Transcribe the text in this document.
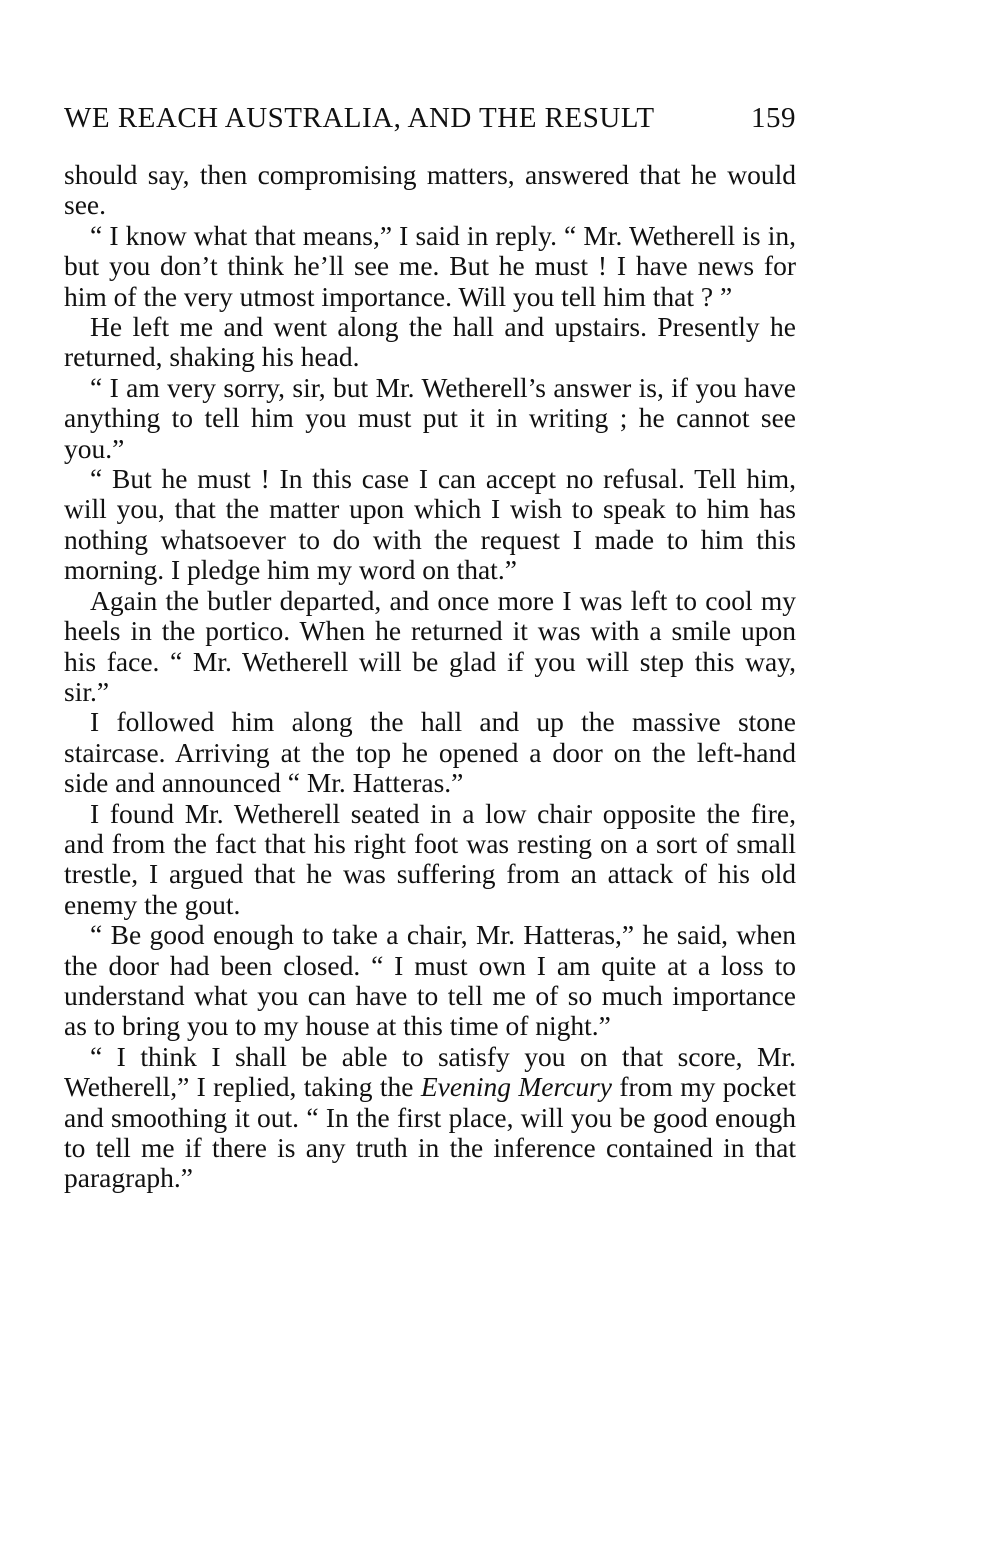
WE REACH AUSTRALIA, AND THE RESULT	159

should say, then compromising matters, answered that he would see.

“ I know what that means,” I said in reply. “ Mr. Wetherell is in, but you don’t think he’ll see me. But he must ! I have news for him of the very utmost importance. Will you tell him that ? ”

He left me and went along the hall and upstairs. Presently he returned, shaking his head.

“ I am very sorry, sir, but Mr. Wetherell’s answer is, if you have anything to tell him you must put it in writing ; he cannot see you.”

“ But he must ! In this case I can accept no refusal. Tell him, will you, that the matter upon which I wish to speak to him has nothing whatsoever to do with the request I made to him this morning. I pledge him my word on that.”

Again the butler departed, and once more I was left to cool my heels in the portico. When he returned it was with a smile upon his face. “ Mr. Wetherell will be glad if you will step this way, sir.”

I followed him along the hall and up the massive stone staircase. Arriving at the top he opened a door on the left-hand side and announced “ Mr. Hatteras.”

I found Mr. Wetherell seated in a low chair opposite the fire, and from the fact that his right foot was resting on a sort of small trestle, I argued that he was suffering from an attack of his old enemy the gout.

“ Be good enough to take a chair, Mr. Hatteras,” he said, when the door had been closed. “ I must own I am quite at a loss to understand what you can have to tell me of so much importance as to bring you to my house at this time of night.”

“ I think I shall be able to satisfy you on that score, Mr. Wetherell,” I replied, taking the Evening Mercury from my pocket and smoothing it out. “ In the first place, will you be good enough to tell me if there is any truth in the inference contained in that paragraph.”
